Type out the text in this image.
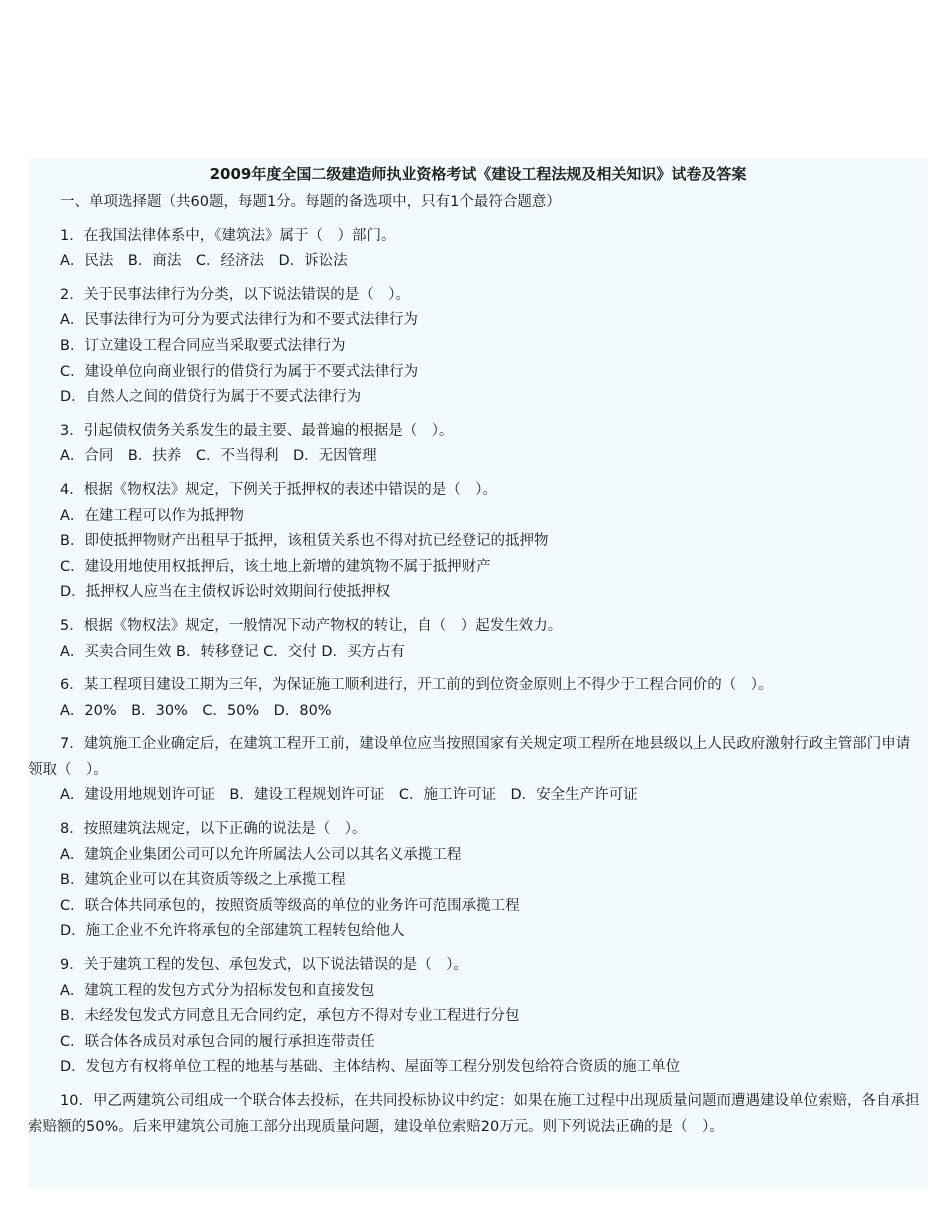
2009年度全国二级建造师执业资格考试《建设工程法规及相关知识》试卷及答案
一、单项选择题（共60题，每题1分。每题的备选项中，只有1个最符合题意）
1．在我国法律体系中，《建筑法》属于（　）部门。
A．民法　B．商法　C．经济法　D．诉讼法
2．关于民事法律行为分类，以下说法错误的是（　）。
A．民事法律行为可分为要式法律行为和不要式法律行为
B．订立建设工程合同应当采取要式法律行为
C．建设单位向商业银行的借贷行为属于不要式法律行为
D．自然人之间的借贷行为属于不要式法律行为
3．引起债权债务关系发生的最主要、最普遍的根据是（　）。
A．合同　B．扶养　C．不当得利　D．无因管理
4．根据《物权法》规定，下例关于抵押权的表述中错误的是（　）。
A．在建工程可以作为抵押物
B．即使抵押物财产出租早于抵押，该租赁关系也不得对抗已经登记的抵押物
C．建设用地使用权抵押后，该土地上新增的建筑物不属于抵押财产
D．抵押权人应当在主债权诉讼时效期间行使抵押权
5．根据《物权法》规定，一般情况下动产物权的转让，自（　）起发生效力。
A．买卖合同生效 B．转移登记 C．交付 D．买方占有
6．某工程项目建设工期为三年，为保证施工顺利进行，开工前的到位资金原则上不得少于工程合同价的（　）。
A．20%　B．30%　C．50%　D．80%

7．建筑施工企业确定后，在建筑工程开工前，建设单位应当按照国家有关规定项工程所在地县级以上人民政府激射行政主管部门申请领取（　）。

A．建设用地规划许可证　B．建设工程规划许可证　C．施工许可证　D．安全生产许可证
8．按照建筑法规定，以下正确的说法是（　）。
A．建筑企业集团公司可以允许所属法人公司以其名义承揽工程
B．建筑企业可以在其资质等级之上承揽工程
C．联合体共同承包的，按照资质等级高的单位的业务许可范围承揽工程
D．施工企业不允许将承包的全部建筑工程转包给他人
9．关于建筑工程的发包、承包发式，以下说法错误的是（　）。
A．建筑工程的发包方式分为招标发包和直接发包
B．未经发包发式方同意且无合同约定，承包方不得对专业工程进行分包
C．联合体各成员对承包合同的履行承担连带责任
D．发包方有权将单位工程的地基与基础、主体结构、屋面等工程分别发包给符合资质的施工单位

10．甲乙两建筑公司组成一个联合体去投标，在共同投标协议中约定：如果在施工过程中出现质量问题而遭遇建设单位索赔，各自承担索赔额的50%。后来甲建筑公司施工部分出现质量问题，建设单位索赔20万元。则下列说法正确的是（　）。
